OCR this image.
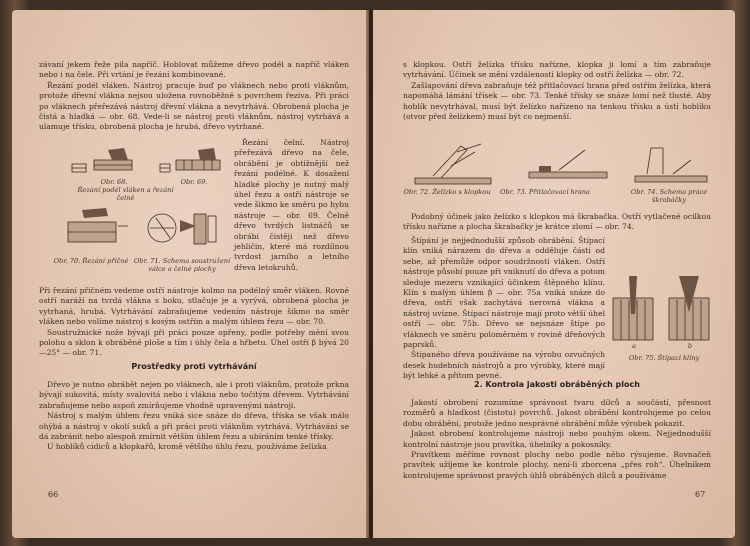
závaní jekem řeže pila napříč. Hoblovat můžeme dřevo podél a napříč vláken nebo i na čele. Při vrtání je řezání kombinované.

Řezání podél vláken. Nástroj pracuje buď po vláknech nebo proti vláknům, protože dřevní vlákna nejsou uložena rovnoběžně s povrchem řeziva. Při práci po vláknech přeřezává nástroj dřevní vlákna a nevytrhává. Obrobená plocha je čistá a hladká — obr. 68. Vede-li se nástroj proti vláknům, nástroj vytrhává a ulamuje třísku, obrobená plocha je hrubá, dřevo vytrhané.

Obr. 68.
Řezání podél vláken a řezání čelně
Obr. 69.

Řezání čelní. Nástroj přeřezává dřevo na čele, obrábění je obtížnější než řezání podélné. K dosažení hladké plochy je nutný malý úhel řezu a ostří nástroje se vede šikmo ke směru po hybu nástroje — obr. 69. Čelně dřevo tvrdých listnáčů se obrábí čistěji než dřevo jehličin, které má rozdílnou tvrdost jarního a letního dřeva letokruhů.

Obr. 70. Řezání příčné Obr. 71. Schema soustružení válce a čelné plochy

Při řezání příčném vedeme ostří nástroje kolmo na podélný směr vláken. Rovné ostří naráží na tvrdá vlákna s boku, stlačuje je a vyrývá, obrobená plocha je vytrhaná, hrubá. Vytrhávání zabraňujeme vedením nástroje šikmo na směr vláken nebo volíme nástroj s kosým ostřím a malým úhlem řezu — obr. 70.

Soustružnické nože bývají při práci pouze opřeny, podle potřeby mění svou polohu a sklon k obráběné ploše a tím i úhly čela a hřbetu. Úhel ostří β bývá 20—25° — obr. 71.

Prostředky proti vytrhávání

Dřevo je nutno obrábět nejen po vláknech, ale i proti vláknům, protože prkna bývají sukovitá, místy svalovitá nebo i vlákna nebo točitým dřevem. Vytrhávání zabraňujeme nebo aspoň zmírňujeme vhodně upravenými nástroji.

Nástroj s malým úhlem řezu vniká sice snáze do dřeva, tříska se však málo ohýbá a nástroj v okolí suků a při práci proti vláknům vytrhává. Vytrhávání se dá zabránit nebo alespoň zmírnit větším úhlem řezu a ubíráním tenké třísky.

U hoblíků cidiců a klopkařů, kromě většího úhlu řezu, používáme želízka

66

s klopkou. Ostří želízka třísku naříznе, klopka ji lomí a tím zabraňuje vytrhávání. Účinek se mění vzdáleností klopky od ostří želízka — obr. 72.

Zašlapování dřeva zabraňuje též přitlačovací hrana před ostřím želízka, která napomáhá lámání třísek — obr. 73. Tenké třísky se snáze lomí než tlusté. Aby hoblík nevytrhával, musí být želízko nařízeno na tenkou třísku a ústí hoblíku (otvor před želízkem) musí být co nejmenší.

Obr. 72. Želízko s klopkou	Obr. 73. Přitlačovací hrana	Obr. 74. Schema práce škrabáčky

Podobný účinek jako želízko s klopkou má škrabačka. Ostří vytlačené ocilkou třísku nařízne a plocha škrabačky je krátce zlomí — obr. 74.

Štípání je nejjednodušší způsob obrábění. Štípací klín vniká nárazem do dřeva a odděluje části od sebe, až přemůže odpor soudržnosti vláken. Ostří nástroje působí pouze při vniknutí do dřeva a potom sleduje mezeru vznikající účinkem štěpného klínu. Klín s malým úhlem β — obr. 75a vniká snáze do dřeva, ostří však zachytává nerovná vlákna a nástroj uvízne. Štípací nástroje mají proto větší úhel ostří — obr. 75b. Dřevo se nejsnáze štípe po vláknech ve směru poloměrném v rovině dřeňových paprsků.

Štípaného dřeva používáme na výrobu ozvučných desek hudebních nástrojů a pro výrobky, které mají být lehké a přitom pevné.

a	b
Obr. 75. Štípací klíny
2. Kontrola jakosti obráběných ploch

Jakostí obrobení rozumíme správnost tvaru dílců a součástí, přesnost rozměrů a hladkost (čistotu) povrchů. Jakost obrábění kontrolujeme po celou dobu obrábění, protože jedno nesprávné obrábění může výrobek pokazit.

Jakost obrobení kontrolujeme nástroji nebo pouhým okem. Nejjednodušší kontrolní nástroje jsou pravítka, úhelníky a pokosníky.

Pravítkem měříme rovnost plochy nebo podle něho rýsujeme. Rovnačeň pravítek užíjeme ke kontrole plochy, není-li zborcena „přes roh“. Úhelníkem kontrolujeme správnost pravých úhlů obráběných dílců a používáme

67
